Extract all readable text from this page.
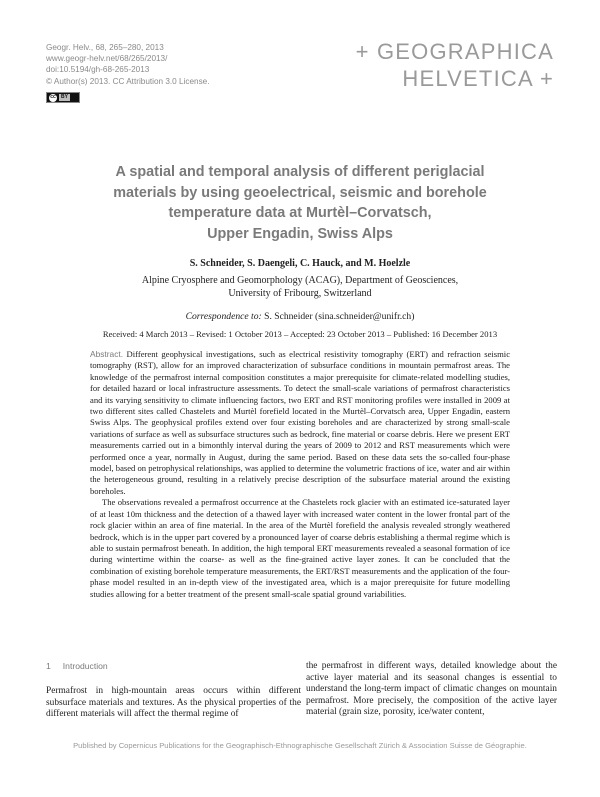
Geogr. Helv., 68, 265–280, 2013
www.geogr-helv.net/68/265/2013/
doi:10.5194/gh-68-265-2013
© Author(s) 2013. CC Attribution 3.0 License.
cc	BY
+ GEOGRAPHICA
HELVETICA +
A spatial and temporal analysis of different periglacial
materials by using geoelectrical, seismic and borehole
temperature data at Murtèl–Corvatsch,
Upper Engadin, Swiss Alps
S. Schneider, S. Daengeli, C. Hauck, and M. Hoelzle
Alpine Cryosphere and Geomorphology (ACAG), Department of Geosciences,
University of Fribourg, Switzerland
Correspondence to: S. Schneider (sina.schneider@unifr.ch)
Received: 4 March 2013 – Revised: 1 October 2013 – Accepted: 23 October 2013 – Published: 16 December 2013

Abstract. Different geophysical investigations, such as electrical resistivity tomography (ERT) and refraction seismic tomography (RST), allow for an improved characterization of subsurface conditions in mountain permafrost areas. The knowledge of the permafrost internal composition constitutes a major prerequisite for climate-related modelling studies, for detailed hazard or local infrastructure assessments. To detect the small-scale variations of permafrost characteristics and its varying sensitivity to climate influencing factors, two ERT and RST monitoring profiles were installed in 2009 at two different sites called Chastelets and Murtèl forefield located in the Murtèl–Corvatsch area, Upper Engadin, eastern Swiss Alps. The geophysical profiles extend over four existing boreholes and are characterized by strong small-scale variations of surface as well as subsurface structures such as bedrock, fine material or coarse debris. Here we present ERT measurements carried out in a bimonthly interval during the years of 2009 to 2012 and RST measurements which were performed once a year, normally in August, during the same period. Based on these data sets the so-called four-phase model, based on petrophysical relationships, was applied to determine the volumetric fractions of ice, water and air within the heterogeneous ground, resulting in a relatively precise description of the subsurface material around the existing boreholes.

The observations revealed a permafrost occurrence at the Chastelets rock glacier with an estimated ice-saturated layer of at least 10m thickness and the detection of a thawed layer with increased water content in the lower frontal part of the rock glacier within an area of fine material. In the area of the Murtèl forefield the analysis revealed strongly weathered bedrock, which is in the upper part covered by a pronounced layer of coarse debris establishing a thermal regime which is able to sustain permafrost beneath. In addition, the high temporal ERT measurements revealed a seasonal formation of ice during wintertime within the coarse- as well as the fine-grained active layer zones. It can be concluded that the combination of existing borehole temperature measurements, the ERT/RST measurements and the application of the four-phase model resulted in an in-depth view of the investigated area, which is a major prerequisite for future modelling studies allowing for a better treatment of the present small-scale spatial ground variabilities.

1 Introduction

Permafrost in high-mountain areas occurs within different subsurface materials and textures. As the physical properties of the different materials will affect the thermal regime of

the permafrost in different ways, detailed knowledge about the active layer material and its seasonal changes is essential to understand the long-term impact of climatic changes on mountain permafrost. More precisely, the composition of the active layer material (grain size, porosity, ice/water content,

Published by Copernicus Publications for the Geographisch-Ethnographische Gesellschaft Zürich & Association Suisse de Géographie.
